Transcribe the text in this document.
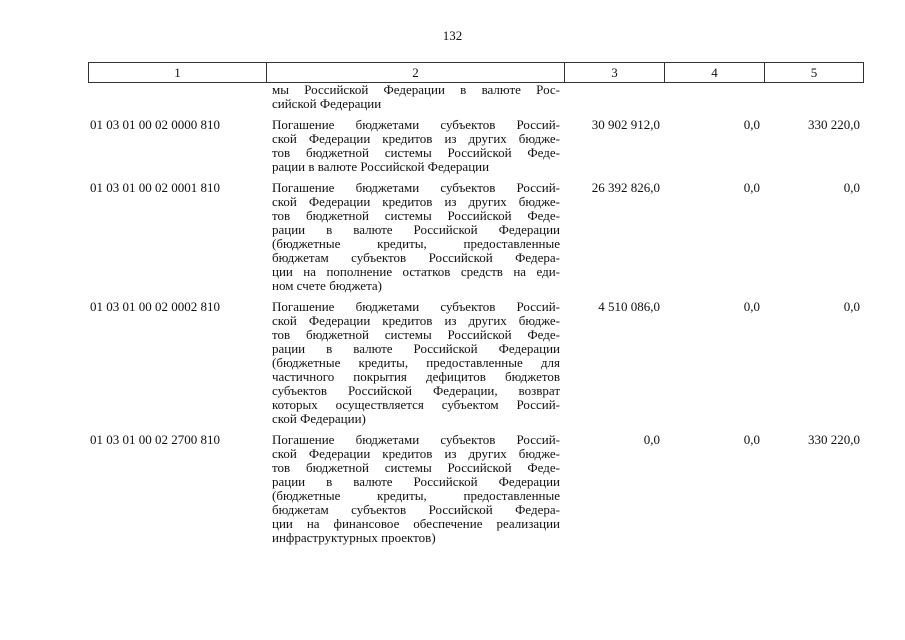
132
1	2	3	4	5
мы Российской Федерации в валюте Рос-
сийской Федерации
01 03 01 00 02 0000 810	Погашение бюджетами субъектов Россий-
ской Федерации кредитов из других бюдже-
тов бюджетной системы Российской Феде-
рации в валюте Российской Федерации
30 902 912,0	0,0	330 220,0
01 03 01 00 02 0001 810	Погашение бюджетами субъектов Россий-
ской Федерации кредитов из других бюдже-
тов бюджетной системы Российской Феде-
рации в валюте Российской Федерации
(бюджетные кредиты, предоставленные
бюджетам субъектов Российской Федера-
ции на пополнение остатков средств на еди-
ном счете бюджета)
26 392 826,0	0,0	0,0
01 03 01 00 02 0002 810	Погашение бюджетами субъектов Россий-
ской Федерации кредитов из других бюдже-
тов бюджетной системы Российской Феде-
рации в валюте Российской Федерации
(бюджетные кредиты, предоставленные для
частичного покрытия дефицитов бюджетов
субъектов Российской Федерации, возврат
которых осуществляется субъектом Россий-
ской Федерации)
4 510 086,0	0,0	0,0
01 03 01 00 02 2700 810	Погашение бюджетами субъектов Россий-
ской Федерации кредитов из других бюдже-
тов бюджетной системы Российской Феде-
рации в валюте Российской Федерации
(бюджетные кредиты, предоставленные
бюджетам субъектов Российской Федера-
ции на финансовое обеспечение реализации
инфраструктурных проектов)
0,0	0,0	330 220,0
